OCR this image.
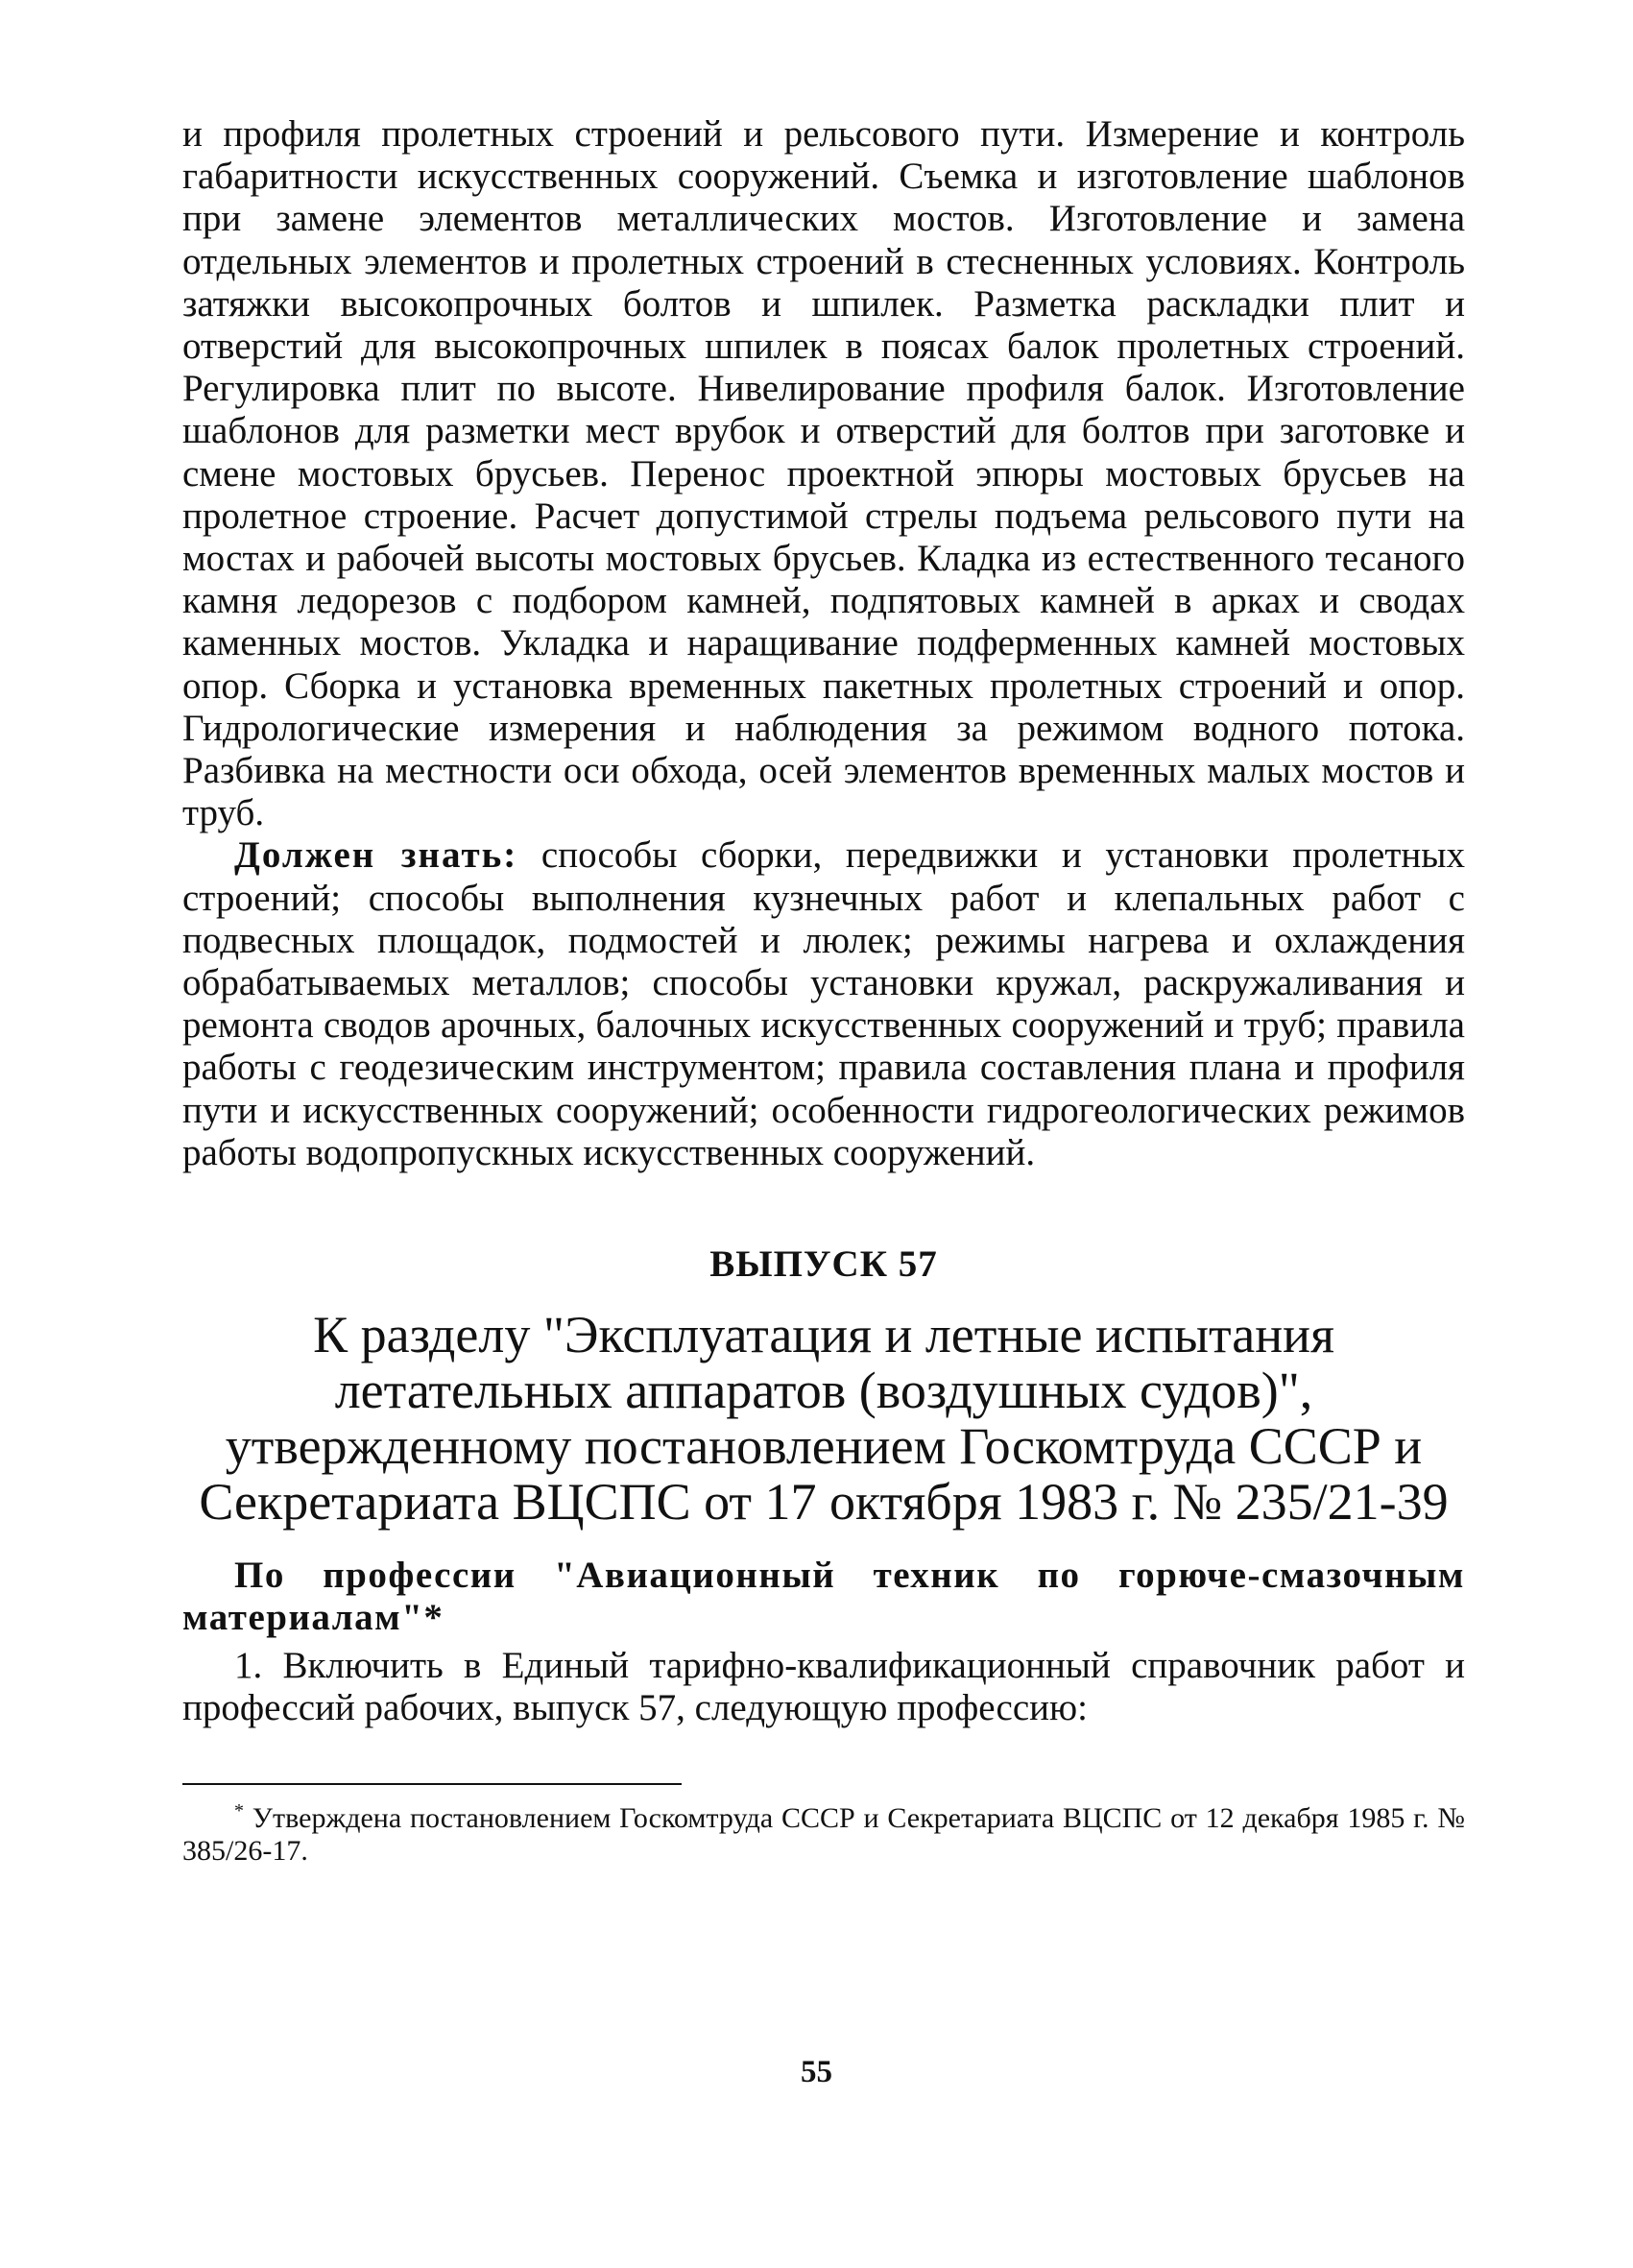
и профиля пролетных строений и рельсового пути. Измерение и контроль габаритности искусственных сооружений. Съемка и изготовление шаблонов при замене элементов металлических мостов. Изготовление и замена отдельных элементов и пролетных строений в стесненных условиях. Контроль затяжки высокопрочных болтов и шпилек. Разметка раскладки плит и отверстий для высокопрочных шпилек в поясах балок пролетных строений. Регулировка плит по высоте. Нивелирование профиля балок. Изготовление шаблонов для разметки мест врубок и отверстий для болтов при заготовке и смене мостовых брусьев. Перенос проектной эпюры мостовых брусьев на пролетное строение. Расчет допустимой стрелы подъема рельсового пути на мостах и рабочей высоты мостовых брусьев. Кладка из естественного тесаного камня ледорезов с подбором камней, подпятовых камней в арках и сводах каменных мостов. Укладка и наращивание подферменных камней мостовых опор. Сборка и установка временных пакетных пролетных строений и опор. Гидрологические измерения и наблюдения за режимом водного потока. Разбивка на местности оси обхода, осей элементов временных малых мостов и труб.

Должен знать: способы сборки, передвижки и установки пролетных строений; способы выполнения кузнечных работ и клепальных работ с подвесных площадок, подмостей и люлек; режимы нагрева и охлаждения обрабатываемых металлов; способы установки кружал, раскружаливания и ремонта сводов арочных, балочных искусственных сооружений и труб; правила работы с геодезическим инструментом; правила составления плана и профиля пути и искусственных сооружений; особенности гидрогеологических режимов работы водопропускных искусственных сооружений.

ВЫПУСК 57
К разделу "Эксплуатация и летные испытания летательных аппаратов (воздушных судов)", утвержденному постановлением Госкомтруда СССР и Секретариата ВЦСПС от 17 октября 1983 г. № 235/21-39

По профессии "Авиационный техник по горюче-смазочным материалам"*

1. Включить в Единый тарифно-квалификационный справочник работ и профессий рабочих, выпуск 57, следующую профессию:

* Утверждена постановлением Госкомтруда СССР и Секретариата ВЦСПС от 12 декабря 1985 г. № 385/26-17.

55
